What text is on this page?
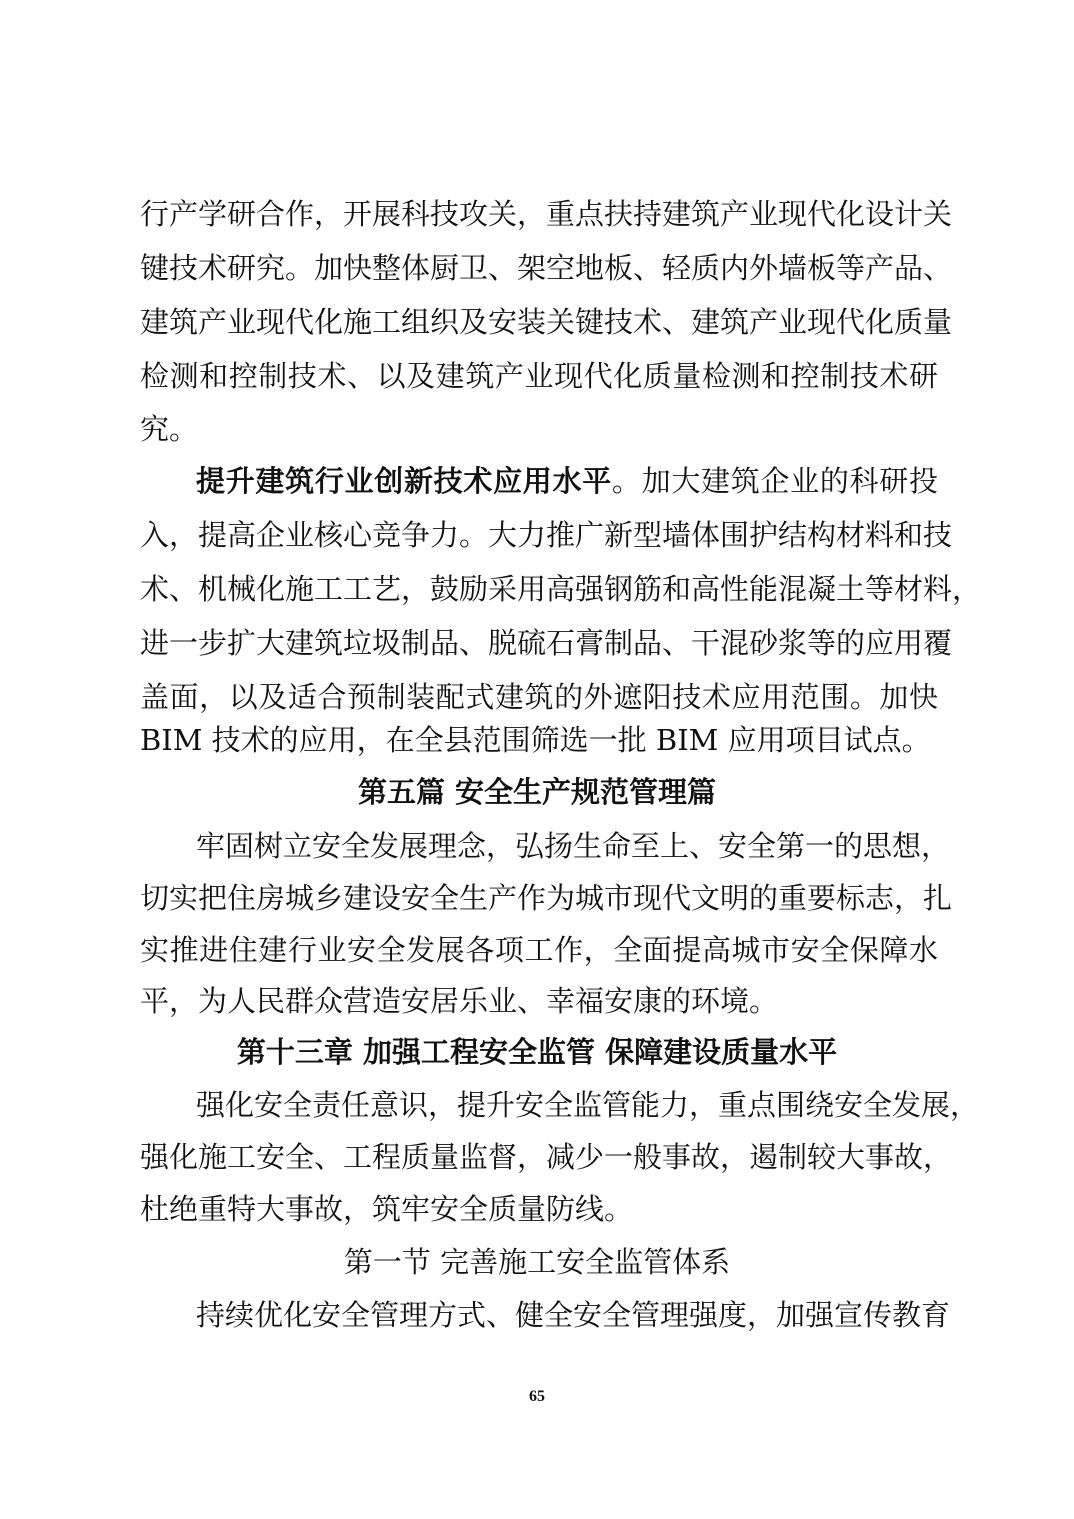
行产学研合作，开展科技攻关，重点扶持建筑产业现代化设计关
键技术研究。加快整体厨卫、架空地板、轻质内外墙板等产品、
建筑产业现代化施工组织及安装关键技术、建筑产业现代化质量
检测和控制技术、以及建筑产业现代化质量检测和控制技术研
究。
提升建筑行业创新技术应用水平。加大建筑企业的科研投
入，提高企业核心竞争力。大力推广新型墙体围护结构材料和技
术、机械化施工工艺，鼓励采用高强钢筋和高性能混凝土等材料，
进一步扩大建筑垃圾制品、脱硫石膏制品、干混砂浆等的应用覆
盖面，以及适合预制装配式建筑的外遮阳技术应用范围。加快
BIM 技术的应用，在全县范围筛选一批 BIM 应用项目试点。
第五篇 安全生产规范管理篇
牢固树立安全发展理念，弘扬生命至上、安全第一的思想，
切实把住房城乡建设安全生产作为城市现代文明的重要标志，扎
实推进住建行业安全发展各项工作，全面提高城市安全保障水
平，为人民群众营造安居乐业、幸福安康的环境。
第十三章 加强工程安全监管 保障建设质量水平
强化安全责任意识，提升安全监管能力，重点围绕安全发展，
强化施工安全、工程质量监督，减少一般事故，遏制较大事故，
杜绝重特大事故，筑牢安全质量防线。
第一节 完善施工安全监管体系
持续优化安全管理方式、健全安全管理强度，加强宣传教育
65
